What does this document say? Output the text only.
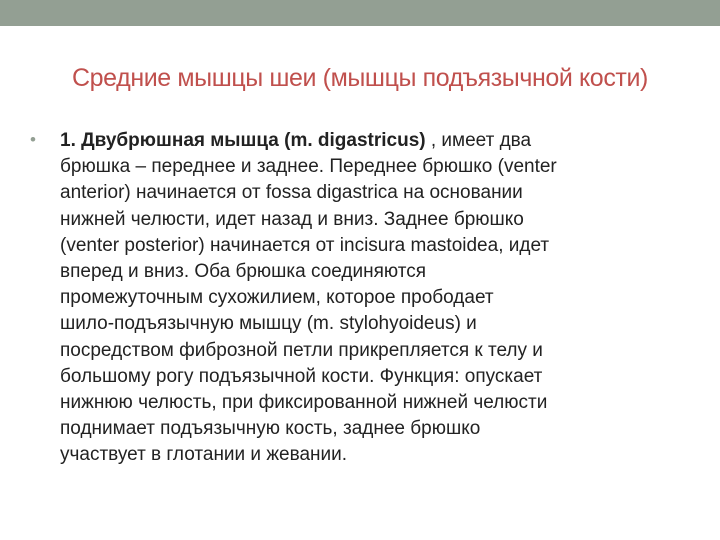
Средние мышцы шеи (мышцы подъязычной кости)
• 1. Двубрюшная мышца (m. digastricus) , имеет два
брюшка – переднее и заднее. Переднее брюшко (venter
anterior) начинается от fossa digastrica на основании
нижней челюсти, идет назад и вниз. Заднее брюшко
(venter posterior) начинается от incisura mastoidea, идет
вперед и вниз. Оба брюшка соединяются
промежуточным сухожилием, которое прободает
шило-подъязычную мышцу (m. stylohyoideus) и
посредством фиброзной петли прикрепляется к телу и
большому рогу подъязычной кости. Функция: опускает
нижнюю челюсть, при фиксированной нижней челюсти
поднимает подъязычную кость, заднее брюшко
участвует в глотании и жевании.
